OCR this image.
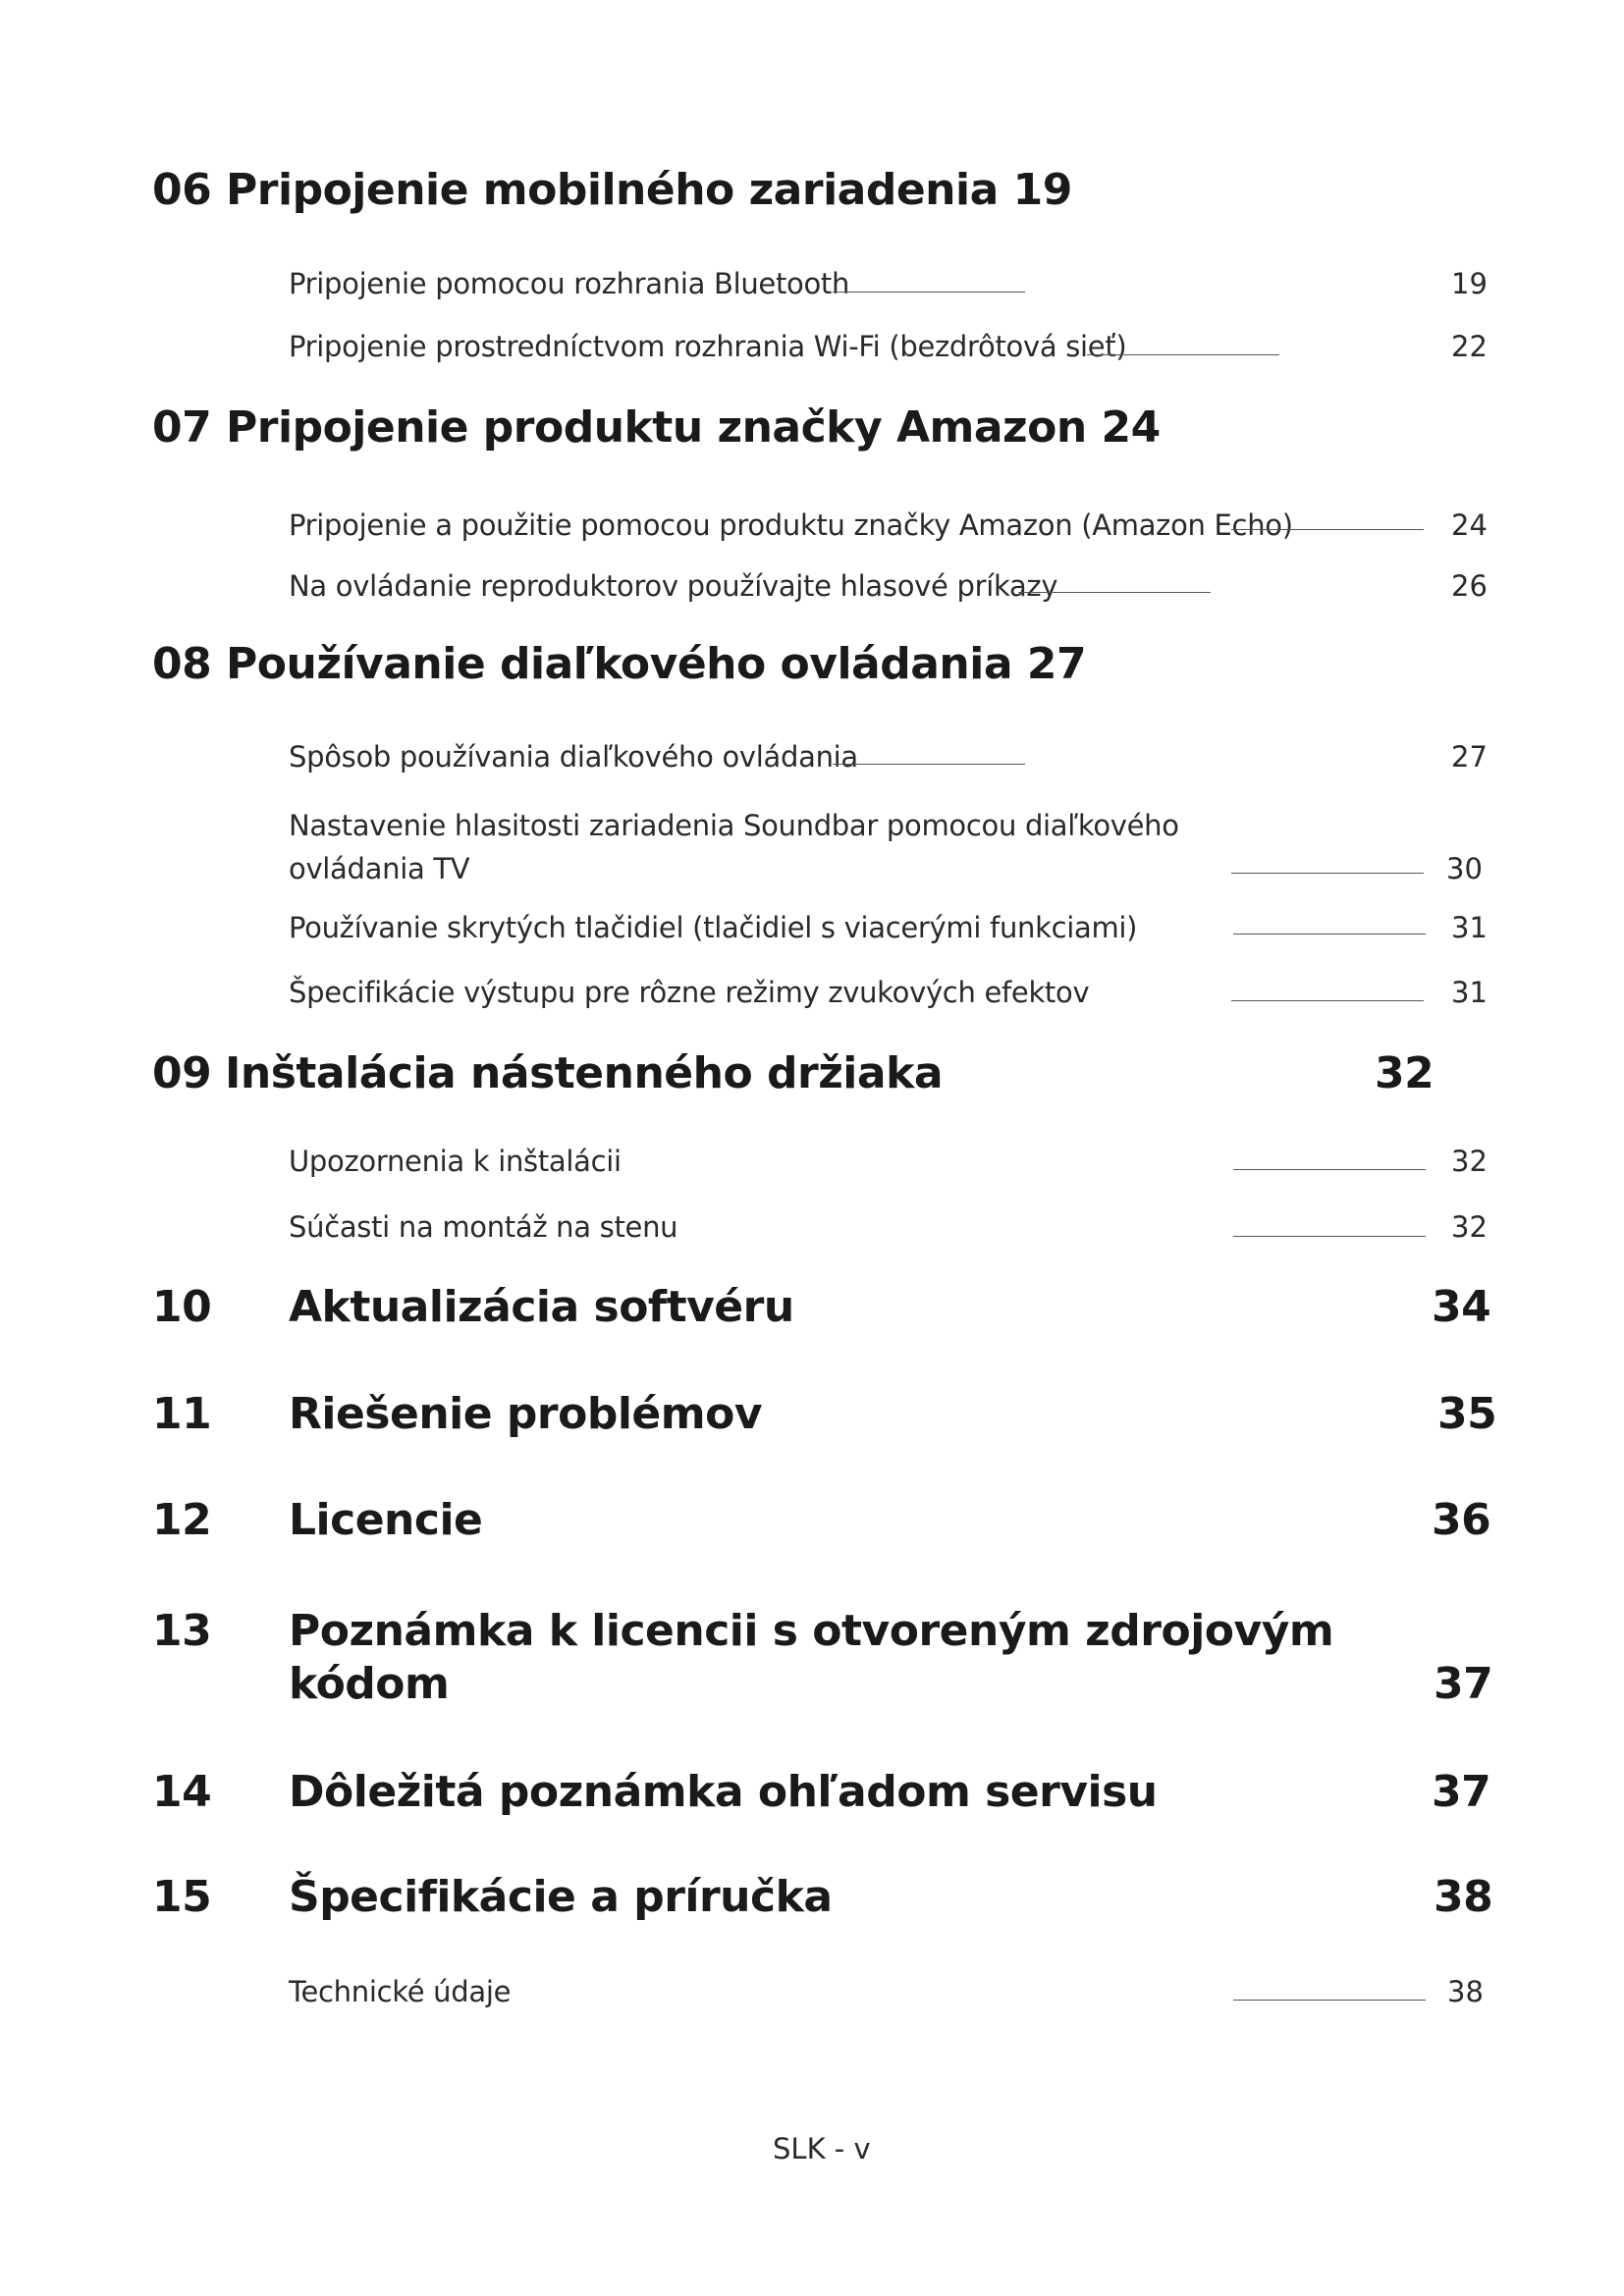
06 Pripojenie mobilného zariadenia 19
Pripojenie pomocou rozhrania Bluetooth	19
Pripojenie prostredníctvom rozhrania Wi-Fi (bezdrôtová sieť)	22
07 Pripojenie produktu značky Amazon 24
Pripojenie a použitie pomocou produktu značky Amazon (Amazon Echo)	24
Na ovládanie reproduktorov používajte hlasové príkazy	26
08 Používanie diaľkového ovládania 27
Spôsob používania diaľkového ovládania	27
Nastavenie hlasitosti zariadenia Soundbar pomocou diaľkového
ovládania TV	30
Používanie skrytých tlačidiel (tlačidiel s viacerými funkciami)	31
Špecifikácie výstupu pre rôzne režimy zvukových efektov	31
09 Inštalácia nástenného držiaka	32
Upozornenia k inštalácii	32
Súčasti na montáž na stenu	32
10 Aktualizácia softvéru	34
11 Riešenie problémov	35
12 Licencie	36
13 Poznámka k licencii s otvoreným zdrojovým
kódom	37
14 Dôležitá poznámka ohľadom servisu	37
15 Špecifikácie a príručka	38
Technické údaje	38
SLK - v
